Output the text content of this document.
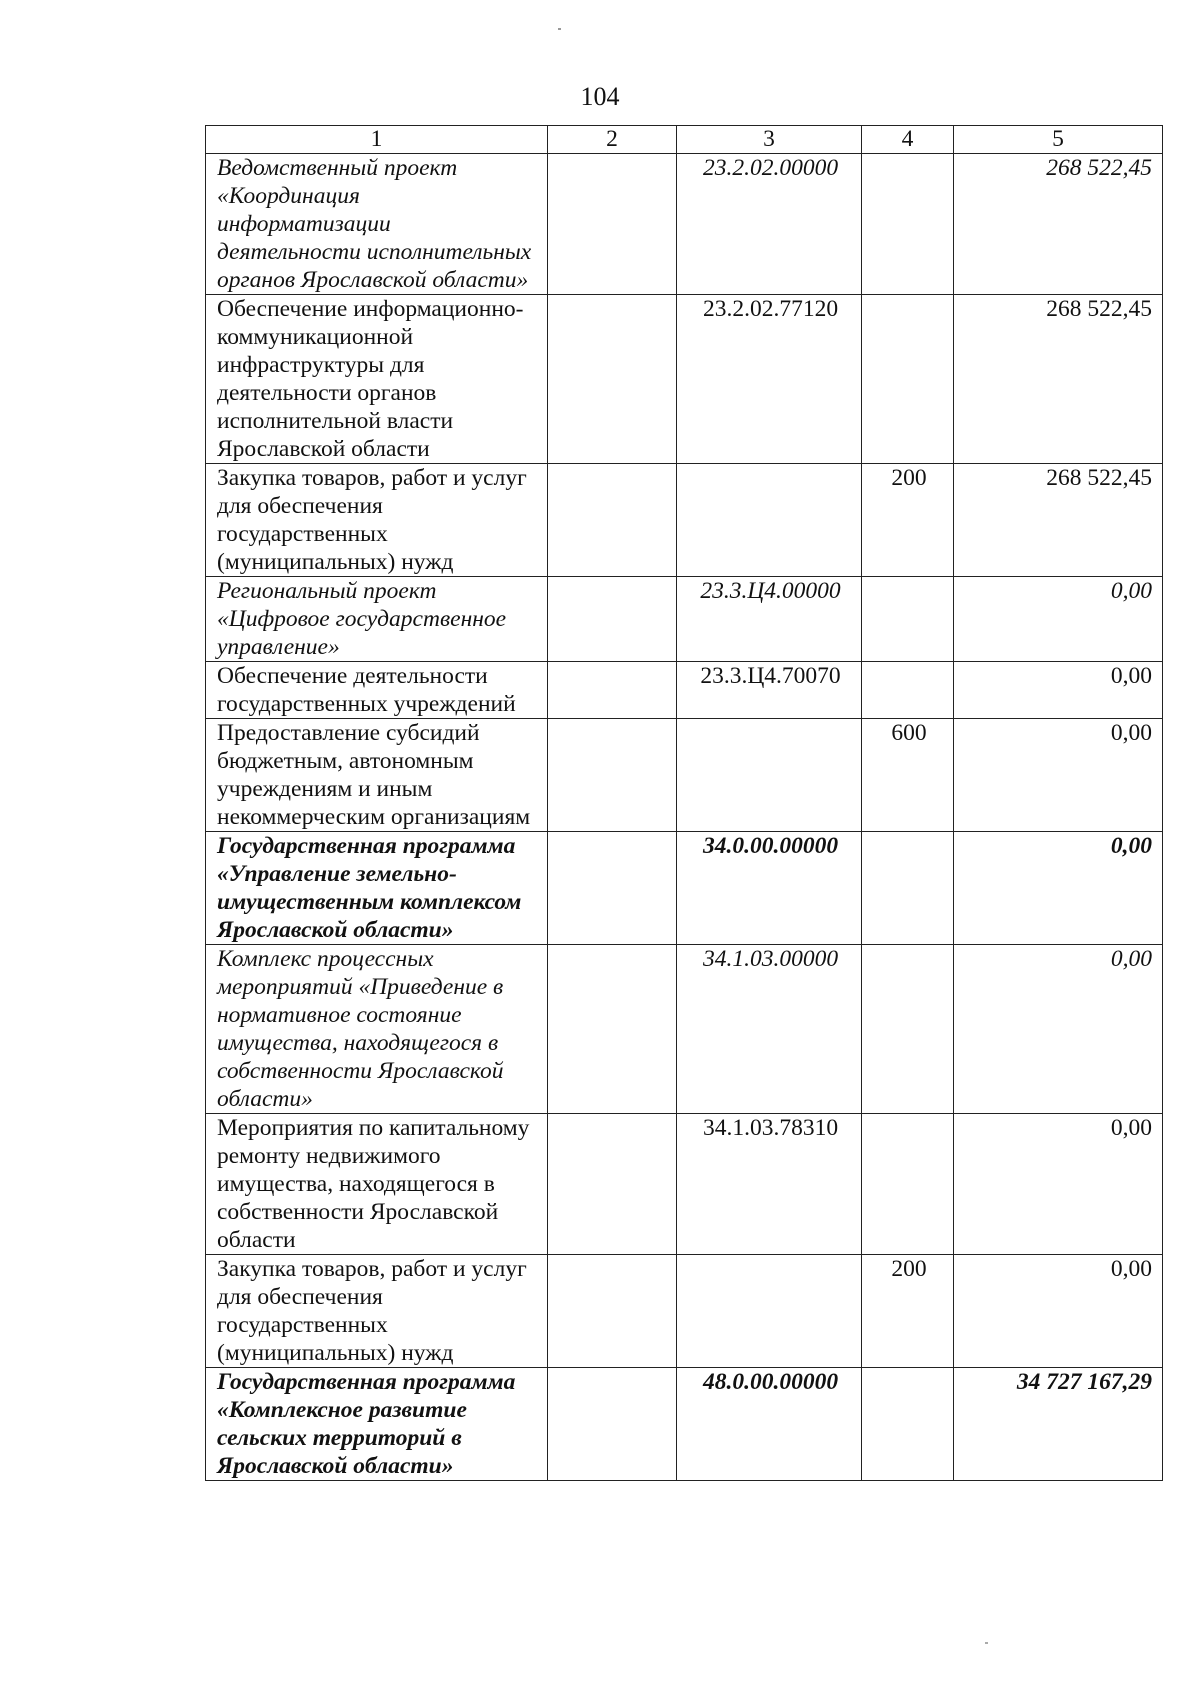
104
1	2	3	4	5
Ведомственный проект «Координация информатизации деятельности исполнительных органов Ярославской области»		23.2.02.00000		268 522,45
Обеспечение информационно-коммуникационной инфраструктуры для деятельности органов исполнительной власти Ярославской области		23.2.02.77120		268 522,45
Закупка товаров, работ и услуг для обеспечения государственных (муниципальных) нужд			200	268 522,45
Региональный проект «Цифровое государственное управление»		23.3.Ц4.00000		0,00
Обеспечение деятельности государственных учреждений		23.3.Ц4.70070		0,00
Предоставление субсидий бюджетным, автономным учреждениям и иным некоммерческим организациям			600	0,00
Государственная программа «Управление земельно-имущественным комплексом Ярославской области»		34.0.00.00000		0,00
Комплекс процессных мероприятий «Приведение в нормативное состояние имущества, находящегося в собственности Ярославской области»		34.1.03.00000		0,00
Мероприятия по капитальному ремонту недвижимого имущества, находящегося в собственности Ярославской области		34.1.03.78310		0,00
Закупка товаров, работ и услуг для обеспечения государственных (муниципальных) нужд			200	0,00
Государственная программа «Комплексное развитие сельских территорий в Ярославской области»		48.0.00.00000		34 727 167,29
